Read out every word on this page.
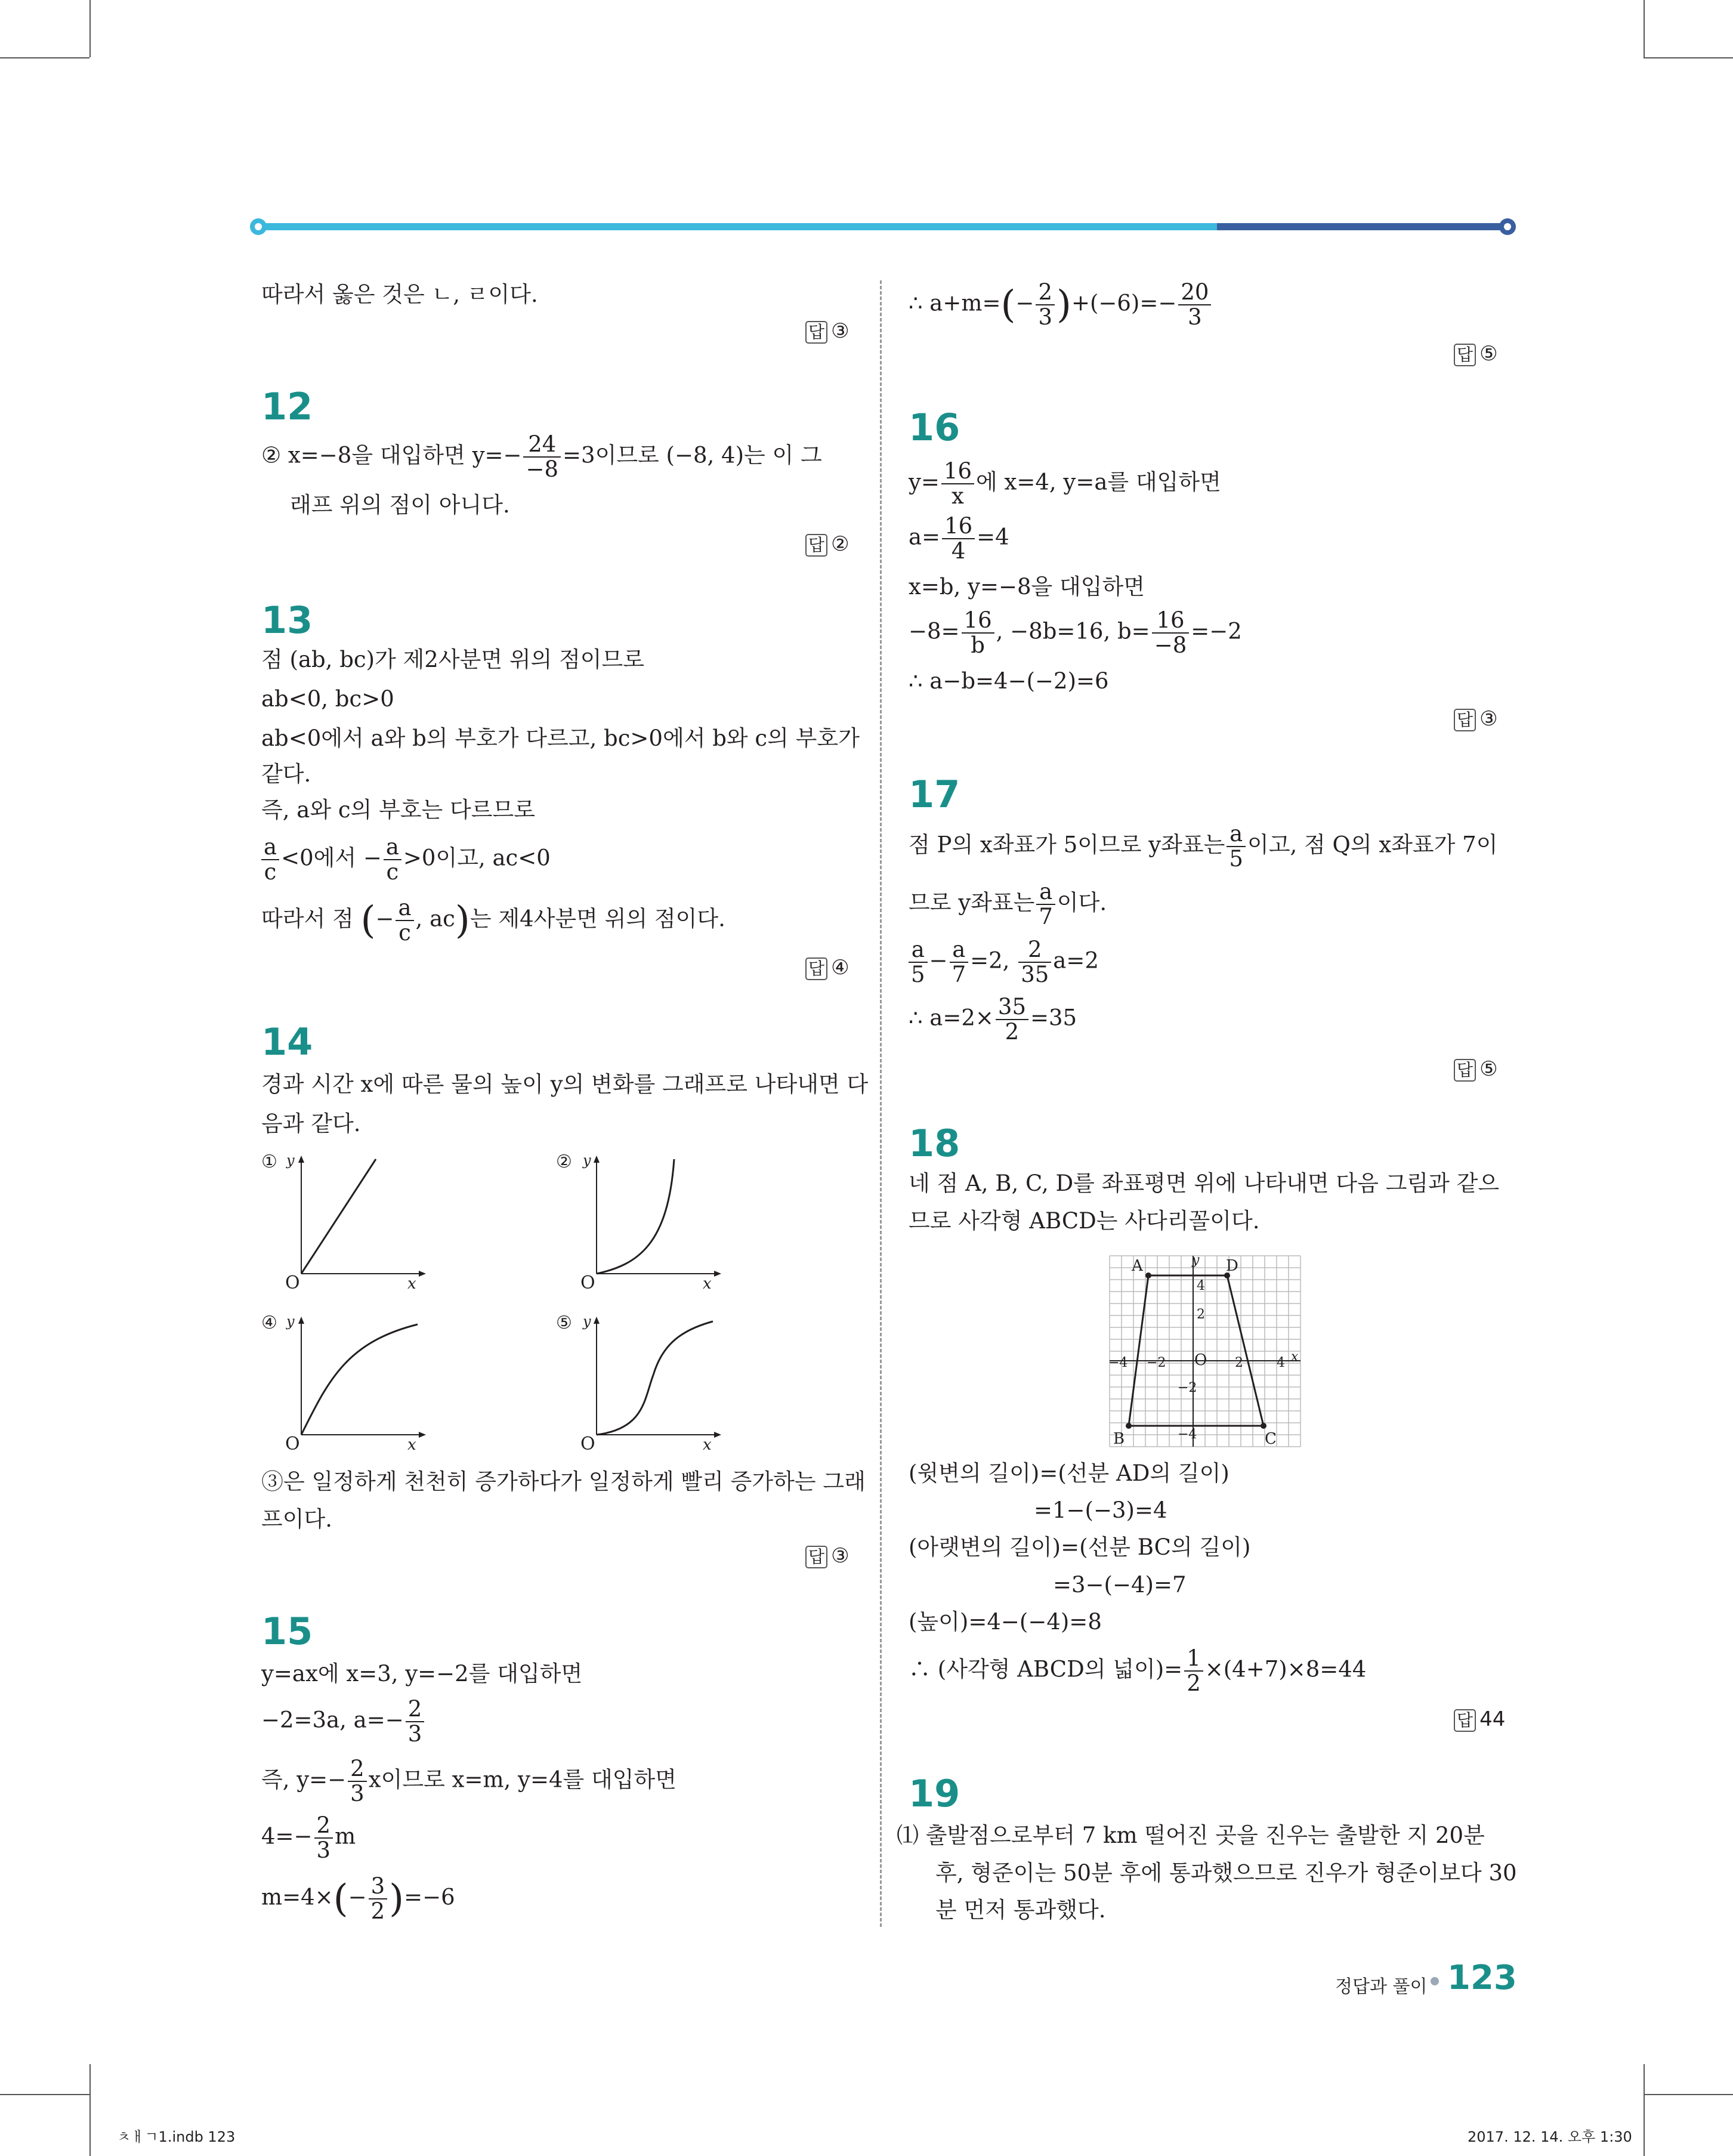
따라서 옳은 것은 ㄴ, ㄹ이다.
답 ③
12
② x=−8을 대입하면 $y=- \frac{24}{-8} =3$이므로 (−8, 4)는 이 그
래프 위의 점이 아니다.
답 ②
13
점 (ab, bc)가 제2사분면 위의 점이므로
ab<0, bc>0
ab<0에서 a와 b의 부호가 다르고, bc>0에서 b와 c의 부호가
같다.
즉, a와 c의 부호는 다르므로
$\frac{a}{c} <0$에서 − $\frac{a}{c} >0$이고, ac<0
따라서 점 (− $\frac{a}{c}$ , ac)는 제4사분면 위의 점이다.
답 ④
14
경과 시간 x에 따른 물의 높이 y의 변화를 그래프로 나타내면 다
음과 같다.
① y
O	x
② y
O	x
④ y
O	x
⑤ y
O	x
③은 일정하게 천천히 증가하다가 일정하게 빨리 증가하는 그래
프이다.
답 ③
15
y=ax에 x=3, y=−2를 대입하면
−2=3a, $a=- \frac{2}{3}$
즉, $y=- \frac{2}{3}$ x이므로 x=m, y=4를 대입하면
$4=- \frac{2}{3}$ m
$m=4\times(- \frac{3}{2} )=-6$
∴ $a+m=(- \frac{2}{3} )+(-6)=- \frac{20}{3}$
답 ⑤
16
$y= \frac{16}{x}$ 에 x=4, y=a를 대입하면
$a= \frac{16}{4} =4$
x=b, y=−8을 대입하면
$-8= \frac{16}{b}$ , −8b=16, $b= \frac{16}{-8} =-2$
∴ a−b=4−(−2)=6
답 ③
17
점 P의 x좌표가 5이므로 y좌표는 $\frac{a}{5}$ 이고, 점 Q의 x좌표가 7이
므로 y좌표는 $\frac{a}{7}$ 이다.
$\frac{a}{5} - \frac{a}{7} =2$, $\frac{2}{35} a=2$
∴ $a=2\times \frac{35}{2} =35$
답 ⑤
18
네 점 A, B, C, D를 좌표평면 위에 나타내면 다음 그림과 같으
므로 사각형 ABCD는 사다리꼴이다.
A	D
B	C
y
x
O
−4 −2	2	4
4
2
−2
−4
(윗변의 길이)=(선분 AD의 길이)
=1−(−3)=4
(아랫변의 길이)=(선분 BC의 길이)
=3−(−4)=7
(높이)=4−(−4)=8
∴ (사각형 ABCD의 넓이)= $\frac{1}{2} \times(4+7)\times 8=44$
답 44
19
⑴ 출발점으로부터 7 km 떨어진 곳을 진우는 출발한 지 20분
후, 형준이는 50분 후에 통과했으므로 진우가 형준이보다 30
분 먼저 통과했다.
정답과 풀이 123
ㅊㅐㄱ1.indb 123	2017. 12. 14. 오후 1:30
